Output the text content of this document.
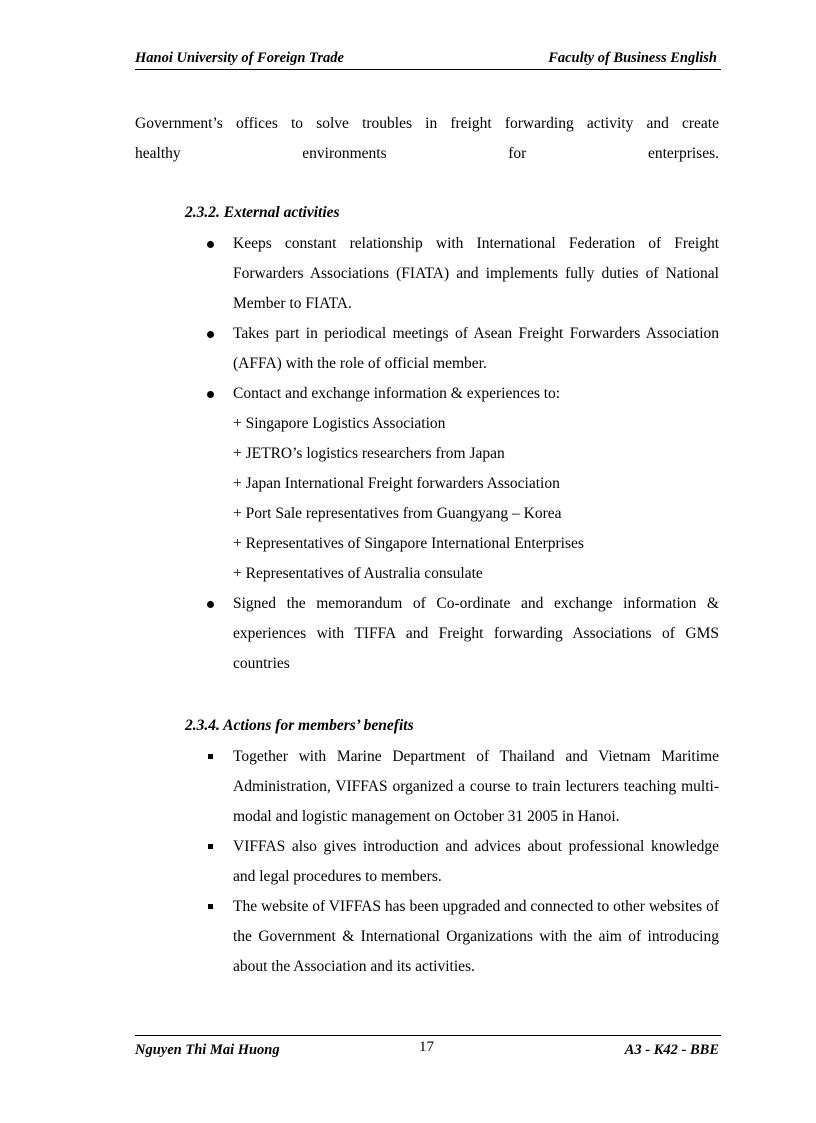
Hanoi University of Foreign Trade	Faculty of Business English
Government’s offices to solve troubles in freight forwarding activity and create
healthy environments for enterprises.
2.3.2. External activities
Keeps constant relationship with International Federation of Freight Forwarders Associations (FIATA) and implements fully duties of National Member to FIATA.
Takes part in periodical meetings of Asean Freight Forwarders Association (AFFA) with the role of official member.
Contact and exchange information & experiences to:
+ Singapore Logistics Association
+ JETRO’s logistics researchers from Japan
+ Japan International Freight forwarders Association
+ Port Sale representatives from Guangyang – Korea
+ Representatives of Singapore International Enterprises
+ Representatives of Australia consulate
Signed the memorandum of Co-ordinate and exchange information & experiences with TIFFA and Freight forwarding Associations of GMS countries
2.3.4. Actions for members’ benefits
Together with Marine Department of Thailand and Vietnam Maritime Administration, VIFFAS organized a course to train lecturers teaching multi-modal and logistic management on October 31 2005 in Hanoi.
VIFFAS also gives introduction and advices about professional knowledge and legal procedures to members.
The website of VIFFAS has been upgraded and connected to other websites of the Government & International Organizations with the aim of introducing about the Association and its activities.
Nguyen Thi Mai Huong	17	A3 - K42 - BBE
